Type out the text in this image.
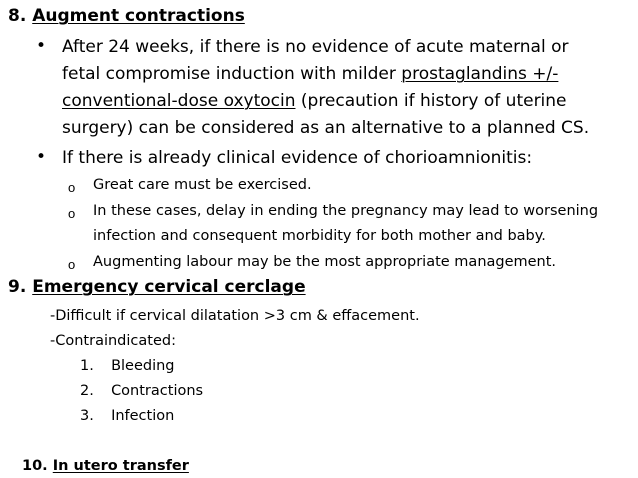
8. Augment contractions
• After 24 weeks, if there is no evidence of acute maternal or
fetal compromise induction with milder prostaglandins +/-
conventional-dose oxytocin (precaution if history of uterine
surgery) can be considered as an alternative to a planned CS.
• If there is already clinical evidence of chorioamnionitis:
o Great care must be exercised.
o In these cases, delay in ending the pregnancy may lead to worsening
infection and consequent morbidity for both mother and baby.
o Augmenting labour may be the most appropriate management.
9. Emergency cervical cerclage
-Difficult if cervical dilatation >3 cm & effacement.
-Contraindicated:
1. Bleeding
2. Contractions
3. Infection
10. In utero transfer
